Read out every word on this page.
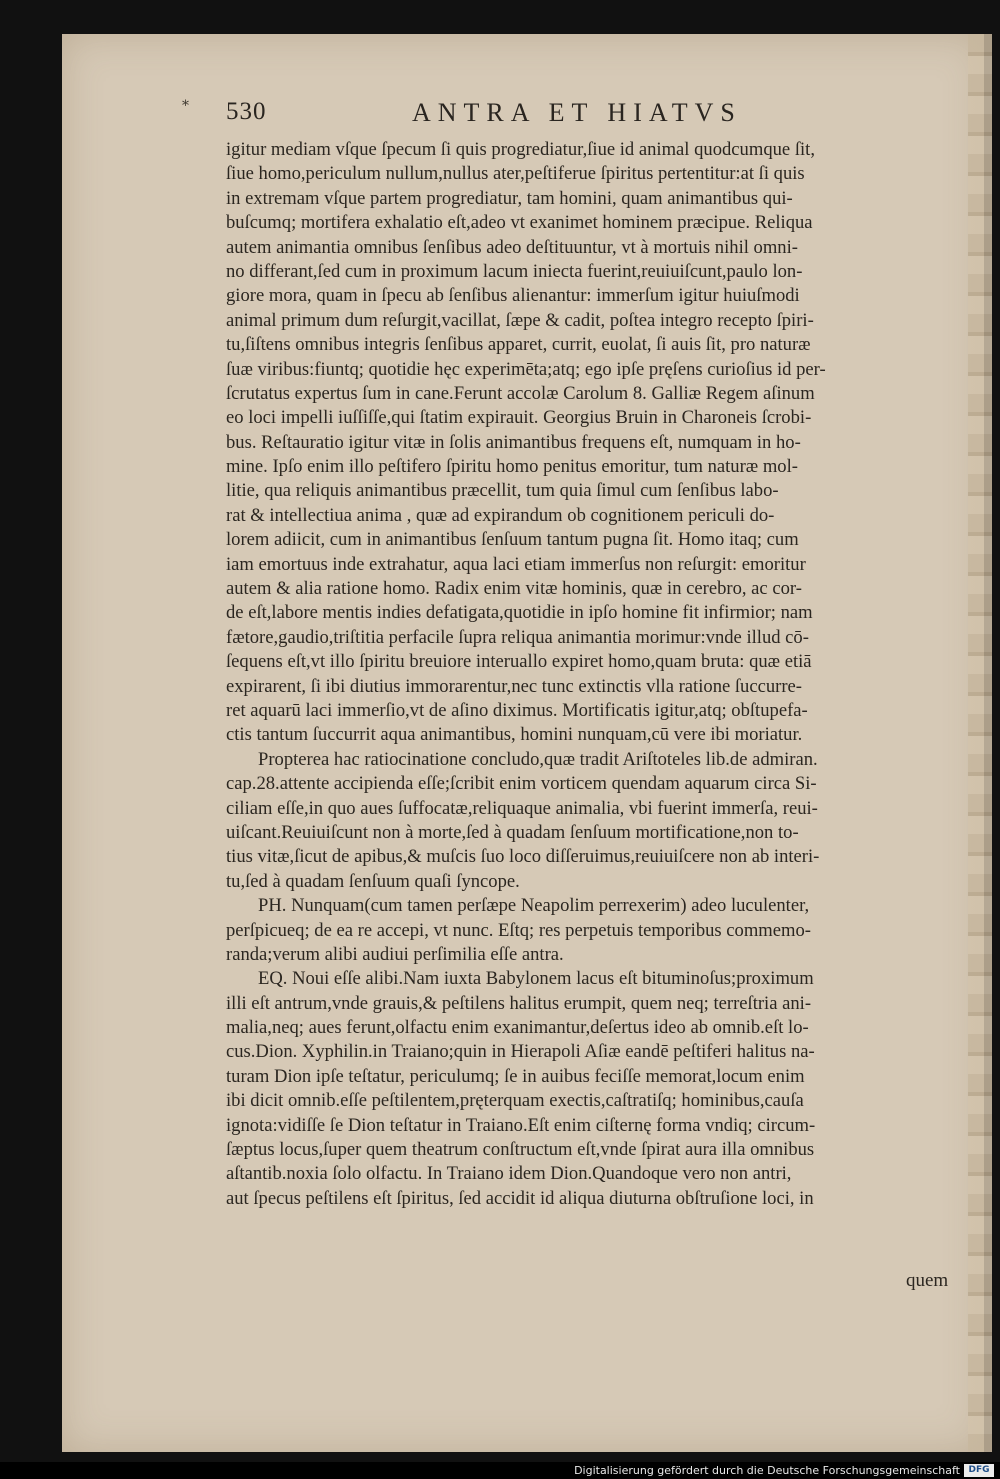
* 530	ANTRA ET HIATVS
igitur mediam vſque ſpecum ſi quis progrediatur,ſiue id animal quodcumque ſit,
ſiue homo,periculum nullum,nullus ater,peſtiferue ſpiritus pertentitur:at ſi quis
in extremam vſque partem progrediatur, tam homini, quam animantibus qui-
buſcumq; mortifera exhalatio eſt,adeo vt exanimet hominem præcipue. Reliqua
autem animantia omnibus ſenſibus adeo deſtituuntur, vt à mortuis nihil omni-
no differant,ſed cum in proximum lacum iniecta fuerint,reuiuiſcunt,paulo lon-
giore mora, quam in ſpecu ab ſenſibus alienantur: immerſum igitur huiuſmodi
animal primum dum reſurgit,vacillat, ſæpe & cadit, poſtea integro recepto ſpiri-
tu,ſiſtens omnibus integris ſenſibus apparet, currit, euolat, ſi auis ſit, pro naturæ
ſuæ viribus:fiuntq; quotidie hęc experimēta;atq; ego ipſe pręſens curioſius id per-
ſcrutatus expertus ſum in cane.Ferunt accolæ Carolum 8. Galliæ Regem aſinum
eo loci impelli iuſſiſſe,qui ſtatim expirauit. Georgius Bruin in Charoneis ſcrobi-
bus. Reſtauratio igitur vitæ in ſolis animantibus frequens eſt, numquam in ho-
mine. Ipſo enim illo peſtifero ſpiritu homo penitus emoritur, tum naturæ mol-
litie, qua reliquis animantibus præcellit, tum quia ſimul cum ſenſibus labo-
rat & intellectiua anima , quæ ad expirandum ob cognitionem periculi do-
lorem adiicit, cum in animantibus ſenſuum tantum pugna ſit. Homo itaq; cum
iam emortuus inde extrahatur, aqua laci etiam immerſus non reſurgit: emoritur
autem & alia ratione homo. Radix enim vitæ hominis, quæ in cerebro, ac cor-
de eſt,labore mentis indies defatigata,quotidie in ipſo homine fit infirmior; nam
fætore,gaudio,triſtitia perfacile ſupra reliqua animantia morimur:vnde illud cō-
ſequens eſt,vt illo ſpiritu breuiore interuallo expiret homo,quam bruta: quæ etiā
expirarent, ſi ibi diutius immorarentur,nec tunc extinctis vlla ratione ſuccurre-
ret aquarū laci immerſio,vt de aſino diximus. Mortificatis igitur,atq; obſtupefa-
ctis tantum ſuccurrit aqua animantibus, homini nunquam,cū vere ibi moriatur.
Propterea hac ratiocinatione concludo,quæ tradit Ariſtoteles lib.de admiran.
cap.28.attente accipienda eſſe;ſcribit enim vorticem quendam aquarum circa Si-
ciliam eſſe,in quo aues ſuffocatæ,reliquaque animalia, vbi fuerint immerſa, reui-
uiſcant.Reuiuiſcunt non à morte,ſed à quadam ſenſuum mortificatione,non to-
tius vitæ,ſicut de apibus,& muſcis ſuo loco diſſeruimus,reuiuiſcere non ab interi-
tu,ſed à quadam ſenſuum quaſi ſyncope.
PH. Nunquam(cum tamen perſæpe Neapolim perrexerim) adeo luculenter,
perſpicueq; de ea re accepi, vt nunc. Eſtq; res perpetuis temporibus commemo-
randa;verum alibi audiui perſimilia eſſe antra.
EQ. Noui eſſe alibi.Nam iuxta Babylonem lacus eſt bituminoſus;proximum
illi eſt antrum,vnde grauis,& peſtilens halitus erumpit, quem neq; terreſtria ani-
malia,neq; aues ferunt,olfactu enim exanimantur,deſertus ideo ab omnib.eſt lo-
cus.Dion. Xyphilin.in Traiano;quin in Hierapoli Aſiæ eandē peſtiferi halitus na-
turam Dion ipſe teſtatur, periculumq; ſe in auibus feciſſe memorat,locum enim
ibi dicit omnib.eſſe peſtilentem,pręterquam exectis,caſtratiſq; hominibus,cauſa
ignota:vidiſſe ſe Dion teſtatur in Traiano.Eſt enim ciſternę forma vndiq; circum-
ſæptus locus,ſuper quem theatrum conſtructum eſt,vnde ſpirat aura illa omnibus
aſtantib.noxia ſolo olfactu. In Traiano idem Dion.Quandoque vero non antri,
aut ſpecus peſtilens eſt ſpiritus, ſed accidit id aliqua diuturna obſtruſione loci, in
quem
Digitalisierung gefördert durch die Deutsche Forschungsgemeinschaft DFG
